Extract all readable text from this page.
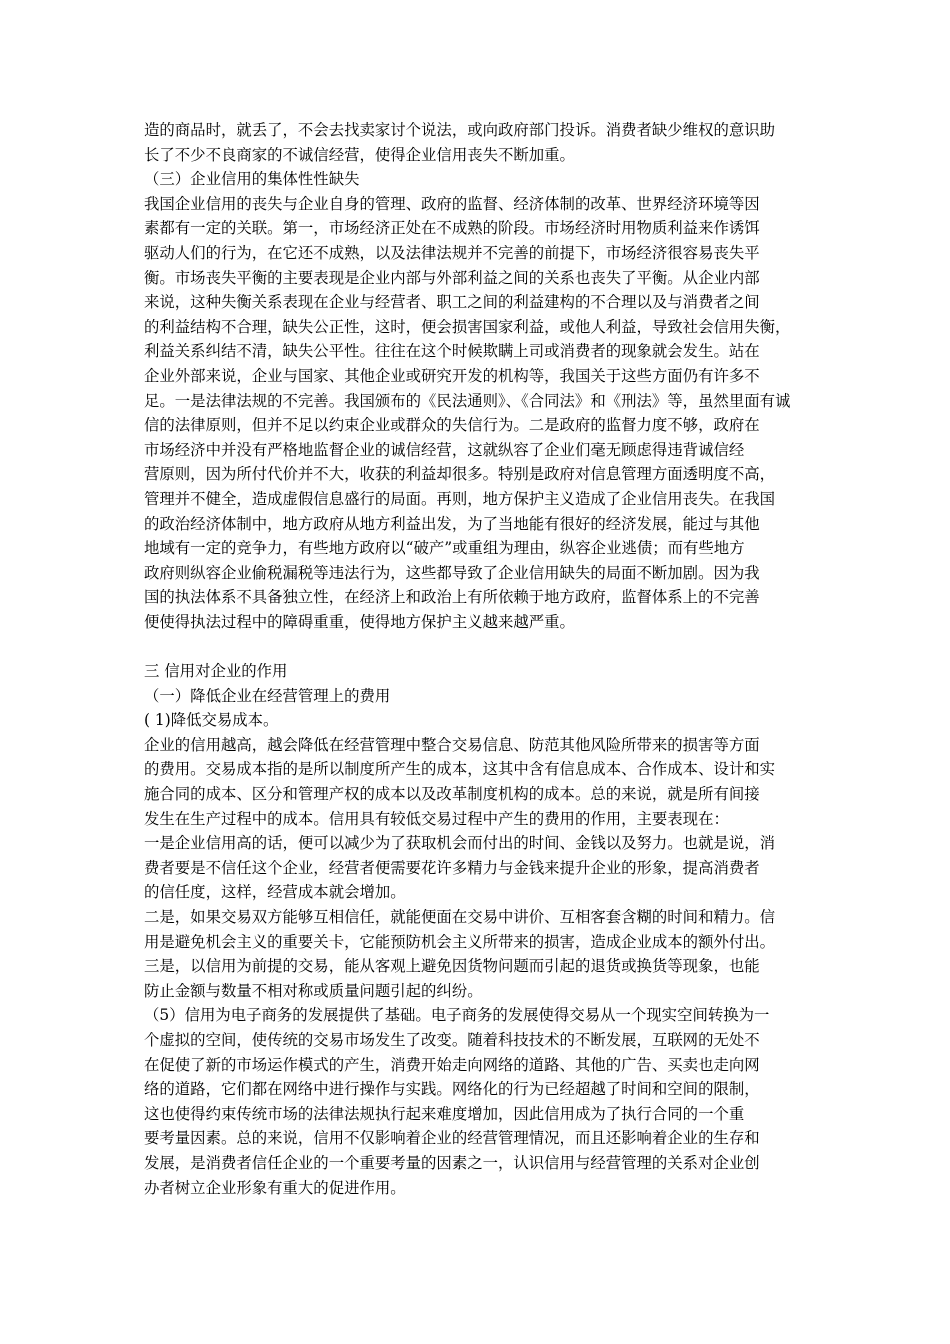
造的商品时，就丢了，不会去找卖家讨个说法，或向政府部门投诉。消费者缺少维权的意识助
长了不少不良商家的不诚信经营，使得企业信用丧失不断加重。
（三）企业信用的集体性性缺失
我国企业信用的丧失与企业自身的管理、政府的监督、经济体制的改革、世界经济环境等因
素都有一定的关联。第一，市场经济正处在不成熟的阶段。市场经济时用物质利益来作诱饵
驱动人们的行为，在它还不成熟，以及法律法规并不完善的前提下，市场经济很容易丧失平
衡。市场丧失平衡的主要表现是企业内部与外部利益之间的关系也丧失了平衡。从企业内部
来说，这种失衡关系表现在企业与经营者、职工之间的利益建构的不合理以及与消费者之间
的利益结构不合理，缺失公正性，这时，便会损害国家利益，或他人利益，导致社会信用失衡，
利益关系纠结不清，缺失公平性。往往在这个时候欺瞒上司或消费者的现象就会发生。站在
企业外部来说，企业与国家、其他企业或研究开发的机构等，我国关于这些方面仍有许多不
足。一是法律法规的不完善。我国颁布的《民法通则》、《合同法》和《刑法》等，虽然里面有诚
信的法律原则，但并不足以约束企业或群众的失信行为。二是政府的监督力度不够，政府在
市场经济中并没有严格地监督企业的诚信经营，这就纵容了企业们毫无顾虑得违背诚信经
营原则，因为所付代价并不大，收获的利益却很多。特别是政府对信息管理方面透明度不高，
管理并不健全，造成虚假信息盛行的局面。再则，地方保护主义造成了企业信用丧失。在我国
的政治经济体制中，地方政府从地方利益出发，为了当地能有很好的经济发展，能过与其他
地域有一定的竞争力，有些地方政府以“破产”或重组为理由，纵容企业逃债；而有些地方
政府则纵容企业偷税漏税等违法行为，这些都导致了企业信用缺失的局面不断加剧。因为我
国的执法体系不具备独立性，在经济上和政治上有所依赖于地方政府，监督体系上的不完善
便使得执法过程中的障碍重重，使得地方保护主义越来越严重。
三 信用对企业的作用
（一）降低企业在经营管理上的费用
( 1)降低交易成本。
企业的信用越高，越会降低在经营管理中整合交易信息、防范其他风险所带来的损害等方面
的费用。交易成本指的是所以制度所产生的成本，这其中含有信息成本、合作成本、设计和实
施合同的成本、区分和管理产权的成本以及改革制度机构的成本。总的来说，就是所有间接
发生在生产过程中的成本。信用具有较低交易过程中产生的费用的作用，主要表现在：
一是企业信用高的话，便可以减少为了获取机会而付出的时间、金钱以及努力。也就是说，消
费者要是不信任这个企业，经营者便需要花许多精力与金钱来提升企业的形象，提高消费者
的信任度，这样，经营成本就会增加。
二是，如果交易双方能够互相信任，就能便面在交易中讲价、互相客套含糊的时间和精力。信
用是避免机会主义的重要关卡，它能预防机会主义所带来的损害，造成企业成本的额外付出。
三是，以信用为前提的交易，能从客观上避免因货物问题而引起的退货或换货等现象，也能
防止金额与数量不相对称或质量问题引起的纠纷。
（5）信用为电子商务的发展提供了基础。电子商务的发展使得交易从一个现实空间转换为一
个虚拟的空间，使传统的交易市场发生了改变。随着科技技术的不断发展，互联网的无处不
在促使了新的市场运作模式的产生，消费开始走向网络的道路、其他的广告、买卖也走向网
络的道路，它们都在网络中进行操作与实践。网络化的行为已经超越了时间和空间的限制，
这也使得约束传统市场的法律法规执行起来难度增加，因此信用成为了执行合同的一个重
要考量因素。总的来说，信用不仅影响着企业的经营管理情况，而且还影响着企业的生存和
发展，是消费者信任企业的一个重要考量的因素之一，认识信用与经营管理的关系对企业创
办者树立企业形象有重大的促进作用。
